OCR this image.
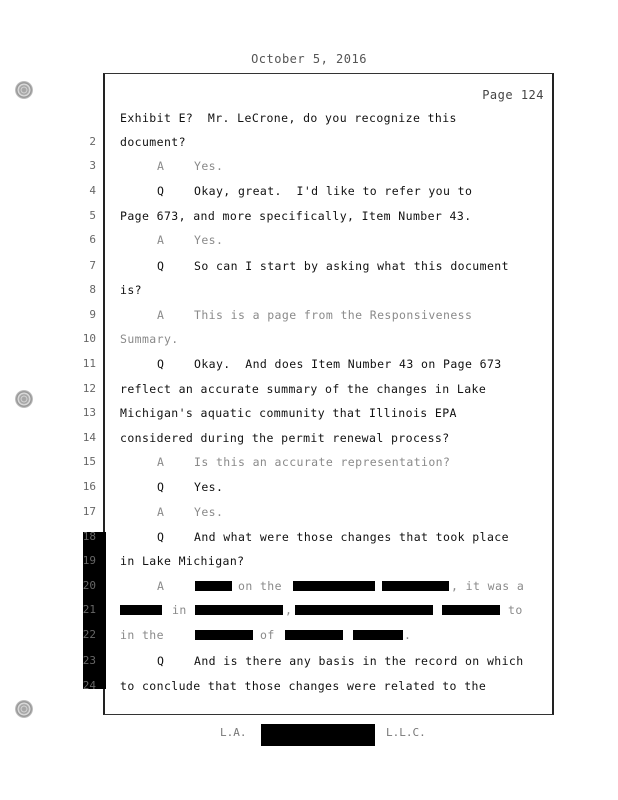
October 5, 2016
Page 124
Exhibit E?  Mr. LeCrone, do you recognize this
2 document?
3	A	Yes.
4	Q	Okay, great.  I'd like to refer you to
5 Page 673, and more specifically, Item Number 43.
6	A	Yes.
7	Q	So can I start by asking what this document
8 is?
9	A	This is a page from the Responsiveness
10 Summary.
11	Q	Okay.  And does Item Number 43 on Page 673
12 reflect an accurate summary of the changes in Lake
13 Michigan's aquatic community that Illinois EPA
14 considered during the permit renewal process?
15	A	Is this an accurate representation?
16	Q	Yes.
17	A	Yes.
18	Q	And what were those changes that took place
19 in Lake Michigan?
20	A	on the	, it was a
21	in	,	to
22 in the	of	.
23	Q	And is there any basis in the record on which
24 to conclude that those changes were related to the
L.A.	L.L.C.
